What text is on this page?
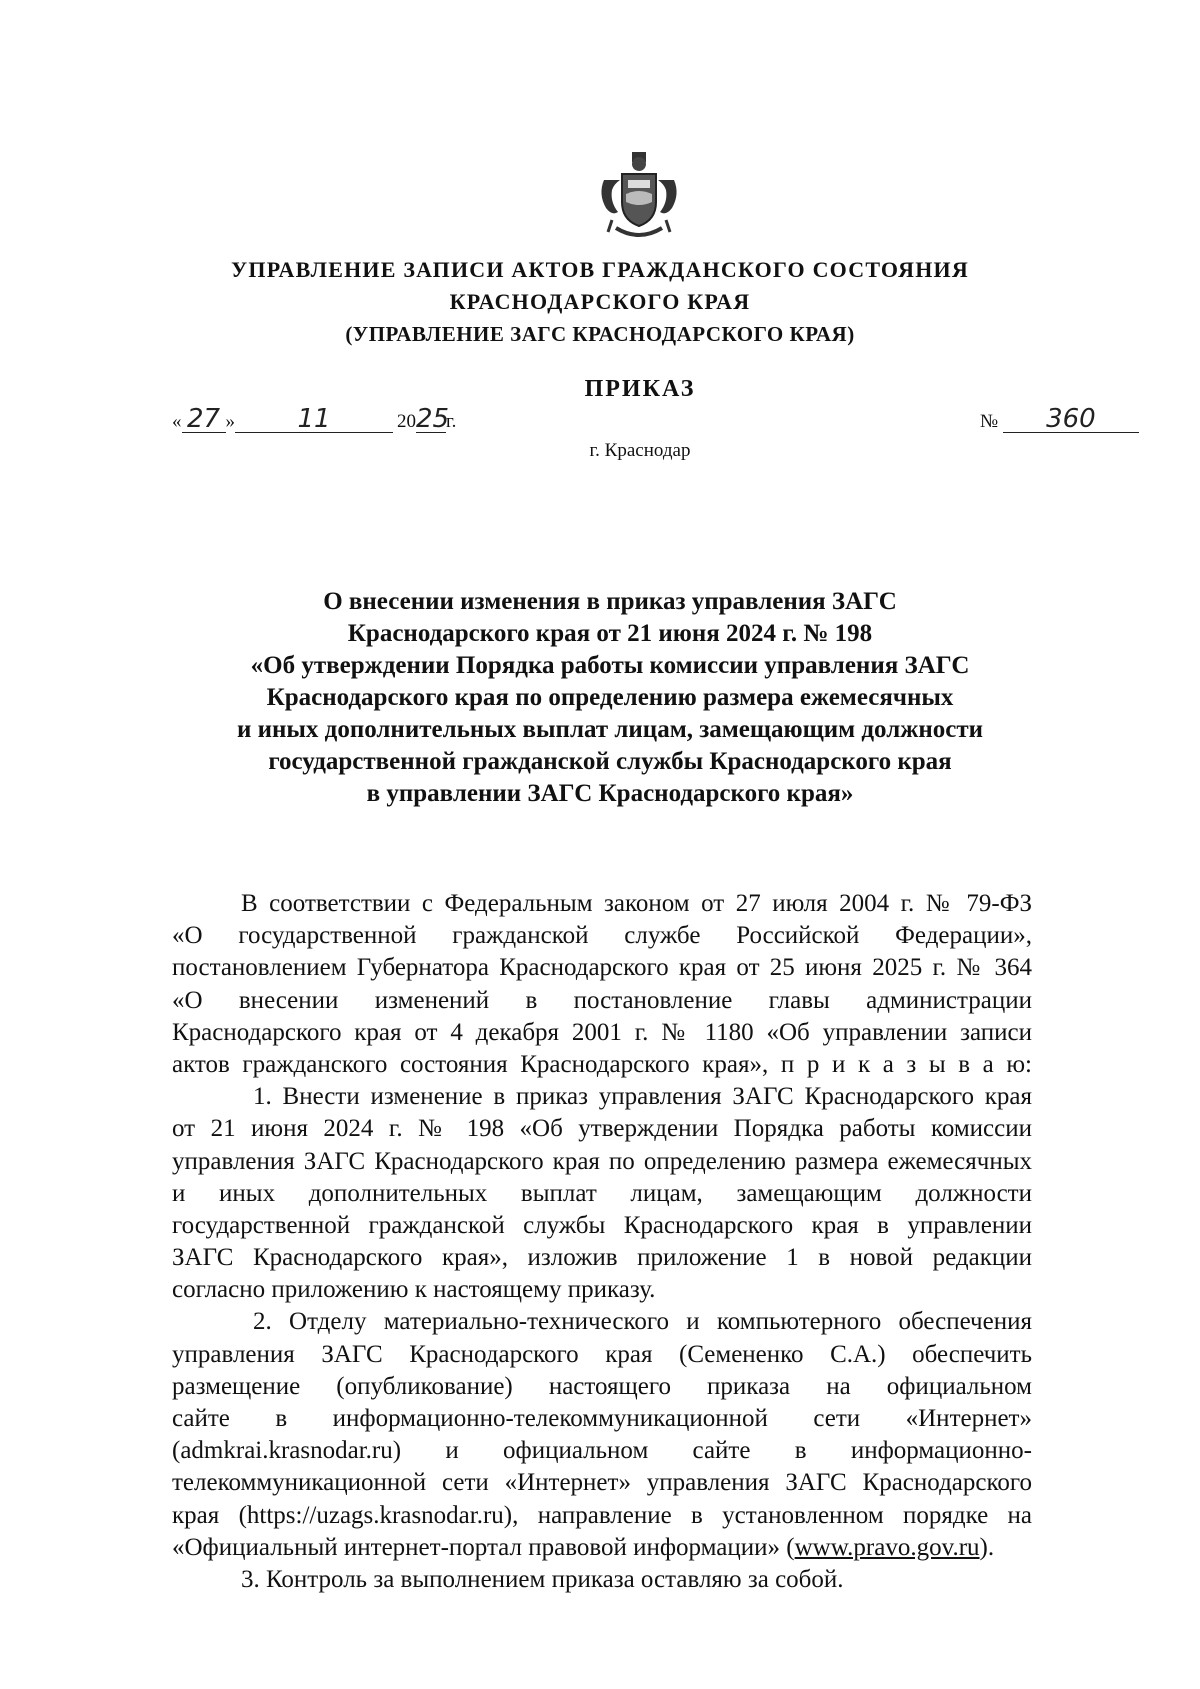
УПРАВЛЕНИЕ ЗАПИСИ АКТОВ ГРАЖДАНСКОГО СОСТОЯНИЯ
КРАСНОДАРСКОГО КРАЯ
(УПРАВЛЕНИЕ ЗАГС КРАСНОДАРСКОГО КРАЯ)
ПРИКАЗ
« 27 » 11	2025г.	№ 360
г. Краснодар
О внесении изменения в приказ управления ЗАГС
Краснодарского края от 21 июня 2024 г. № 198
«Об утверждении Порядка работы комиссии управления ЗАГС
Краснодарского края по определению размера ежемесячных
и иных дополнительных выплат лицам, замещающим должности
государственной гражданской службы Краснодарского края
в управлении ЗАГС Краснодарского края»
В соответствии с Федеральным законом от 27 июля 2004 г. № 79-ФЗ
«О государственной гражданской службе Российской Федерации»,
постановлением Губернатора Краснодарского края от 25 июня 2025 г. № 364
«О внесении изменений в постановление главы администрации
Краснодарского края от 4 декабря 2001 г. № 1180 «Об управлении записи
актов гражданского состояния Краснодарского края», п р и к а з ы в а ю:
1. Внести изменение в приказ управления ЗАГС Краснодарского края
от 21 июня 2024 г. № 198 «Об утверждении Порядка работы комиссии
управления ЗАГС Краснодарского края по определению размера ежемесячных
и иных дополнительных выплат лицам, замещающим должности
государственной гражданской службы Краснодарского края в управлении
ЗАГС Краснодарского края», изложив приложение 1 в новой редакции
согласно приложению к настоящему приказу.
2. Отделу материально-технического и компьютерного обеспечения
управления ЗАГС Краснодарского края (Семененко С.А.) обеспечить
размещение (опубликование) настоящего приказа на официальном
сайте в информационно-телекоммуникационной сети «Интернет»
(admkrai.krasnodar.ru) и официальном сайте в информационно-
телекоммуникационной сети «Интернет» управления ЗАГС Краснодарского
края (https://uzags.krasnodar.ru), направление в установленном порядке на
«Официальный интернет-портал правовой информации» (www.pravo.gov.ru).
3. Контроль за выполнением приказа оставляю за собой.
